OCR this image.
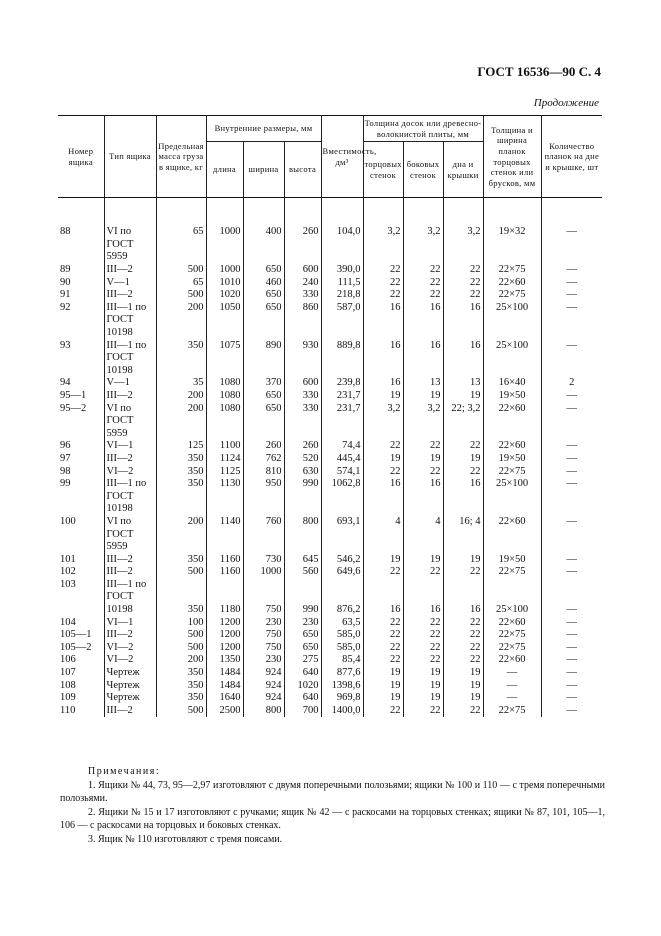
ГОСТ 16536—90 С. 4
Продолжение
Номер ящика	Тип ящика	Предельная масса груза в ящике, кг	Внутренние размеры, мм			Вместимость, дм³	Толщина досок или древесно-волокнистой плиты, мм			Толщина и ширина планок торцовых стенок или брусков, мм	Количество планок на дне и крышке, шт
			длина	ширина	высота		торцовых стенок	боковых стенок	дна и крышки		

88	VI по	65	1000	400	260	104,0	3,2	3,2	3,2	19×32	—
	ГОСТ										
	5959										
89	III—2	500	1000	650	600	390,0	22	22	22	22×75	—
90	V—1	65	1010	460	240	111,5	22	22	22	22×60	—
91	III—2	500	1020	650	330	218,8	22	22	22	22×75	—
92	III—1 по	200	1050	650	860	587,0	16	16	16	25×100	—
	ГОСТ										
	10198										
93	III—1 по	350	1075	890	930	889,8	16	16	16	25×100	—
	ГОСТ										
	10198										
94	V—1	35	1080	370	600	239,8	16	13	13	16×40	2
95—1	III—2	200	1080	650	330	231,7	19	19	19	19×50	—
95—2	VI по	200	1080	650	330	231,7	3,2	3,2	22; 3,2	22×60	—
	ГОСТ										
	5959										
96	VI—1	125	1100	260	260	74,4	22	22	22	22×60	—
97	III—2	350	1124	762	520	445,4	19	19	19	19×50	—
98	VI—2	350	1125	810	630	574,1	22	22	22	22×75	—
99	III—1 по	350	1130	950	990	1062,8	16	16	16	25×100	—
	ГОСТ										
	10198										
100	VI по	200	1140	760	800	693,1	4	4	16; 4	22×60	—
	ГОСТ										
	5959										
101	III—2	350	1160	730	645	546,2	19	19	19	19×50	—
102	III—2	500	1160	1000	560	649,6	22	22	22	22×75	—
103	III—1 по										
	ГОСТ										
	10198	350	1180	750	990	876,2	16	16	16	25×100	—
104	VI—1	100	1200	230	230	63,5	22	22	22	22×60	—
105—1	III—2	500	1200	750	650	585,0	22	22	22	22×75	—
105—2	VI—2	500	1200	750	650	585,0	22	22	22	22×75	—
106	VI—2	200	1350	230	275	85,4	22	22	22	22×60	—
107	Чертеж	350	1484	924	640	877,6	19	19	19	—	—
108	Чертеж	350	1484	924	1020	1398,6	19	19	19	—	—
109	Чертеж	350	1640	924	640	969,8	19	19	19	—	—
110	III—2	500	2500	800	700	1400,0	22	22	22	22×75	—
Примечания:

1. Ящики № 44, 73, 95—2,97 изготовляют с двумя поперечными полозьями; ящики № 100 и 110 — с тремя поперечными полозьями.

2. Ящики № 15 и 17 изготовляют с ручками; ящик № 42 — с раскосами на торцовых стенках; ящики № 87, 101, 105—1, 106 — с раскосами на торцовых и боковых стенках.

3. Ящик № 110 изготовляют с тремя поясами.
